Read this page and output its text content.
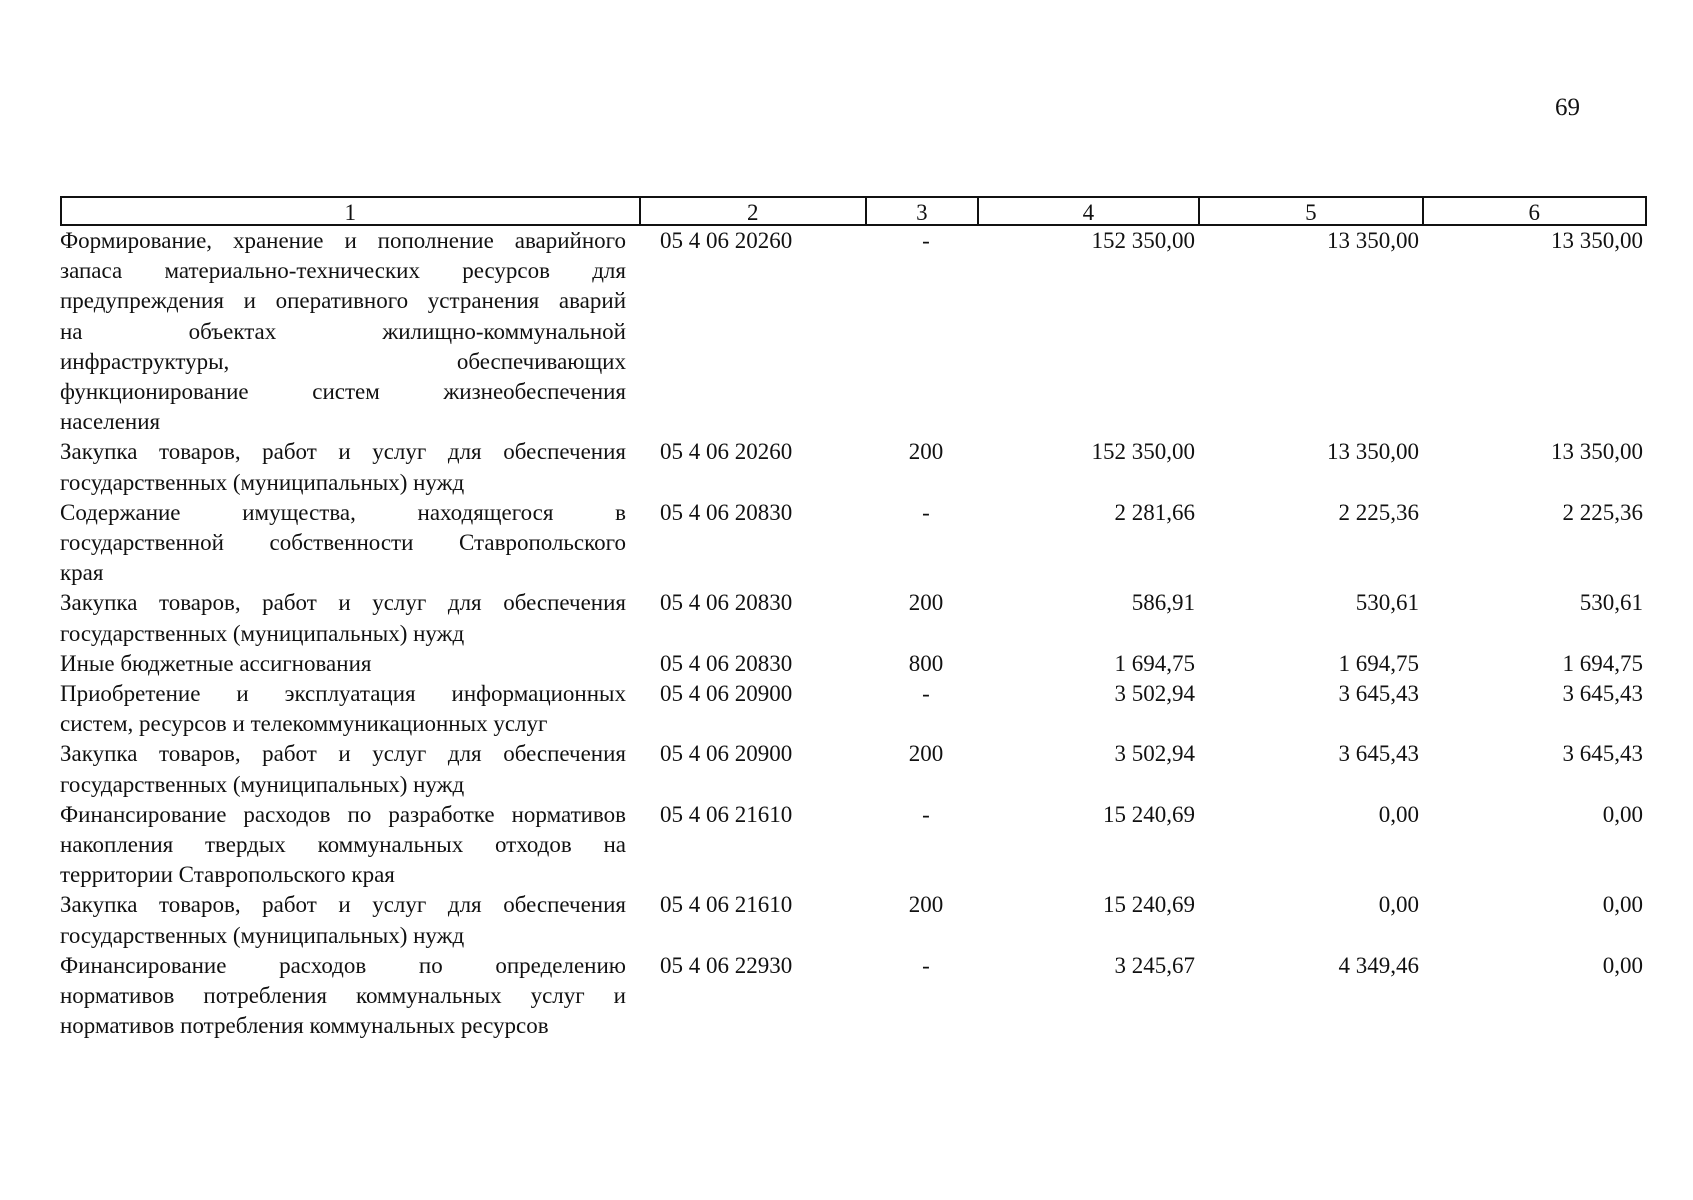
69
1	2	3	4	5	6
Формирование, хранение и пополнение аварийного
запаса материально-технических ресурсов для
предупреждения и оперативного устранения аварий
на объектах жилищно-коммунальной
инфраструктуры, обеспечивающих
функционирование систем жизнеобеспечения
населения
05 4 06 20260	-	152 350,00	13 350,00	13 350,00
Закупка товаров, работ и услуг для обеспечения
государственных (муниципальных) нужд
05 4 06 20260	200	152 350,00	13 350,00	13 350,00
Содержание имущества, находящегося в
государственной собственности Ставропольского
края
05 4 06 20830	-	2 281,66	2 225,36	2 225,36
Закупка товаров, работ и услуг для обеспечения
государственных (муниципальных) нужд
05 4 06 20830	200	586,91	530,61	530,61
Иные бюджетные ассигнования	05 4 06 20830	800	1 694,75	1 694,75	1 694,75
Приобретение и эксплуатация информационных
систем, ресурсов и телекоммуникационных услуг
05 4 06 20900	-	3 502,94	3 645,43	3 645,43
Закупка товаров, работ и услуг для обеспечения
государственных (муниципальных) нужд
05 4 06 20900	200	3 502,94	3 645,43	3 645,43
Финансирование расходов по разработке нормативов
накопления твердых коммунальных отходов на
территории Ставропольского края
05 4 06 21610	-	15 240,69	0,00	0,00
Закупка товаров, работ и услуг для обеспечения
государственных (муниципальных) нужд
05 4 06 21610	200	15 240,69	0,00	0,00
Финансирование расходов по определению
нормативов потребления коммунальных услуг и
нормативов потребления коммунальных ресурсов
05 4 06 22930	-	3 245,67	4 349,46	0,00
